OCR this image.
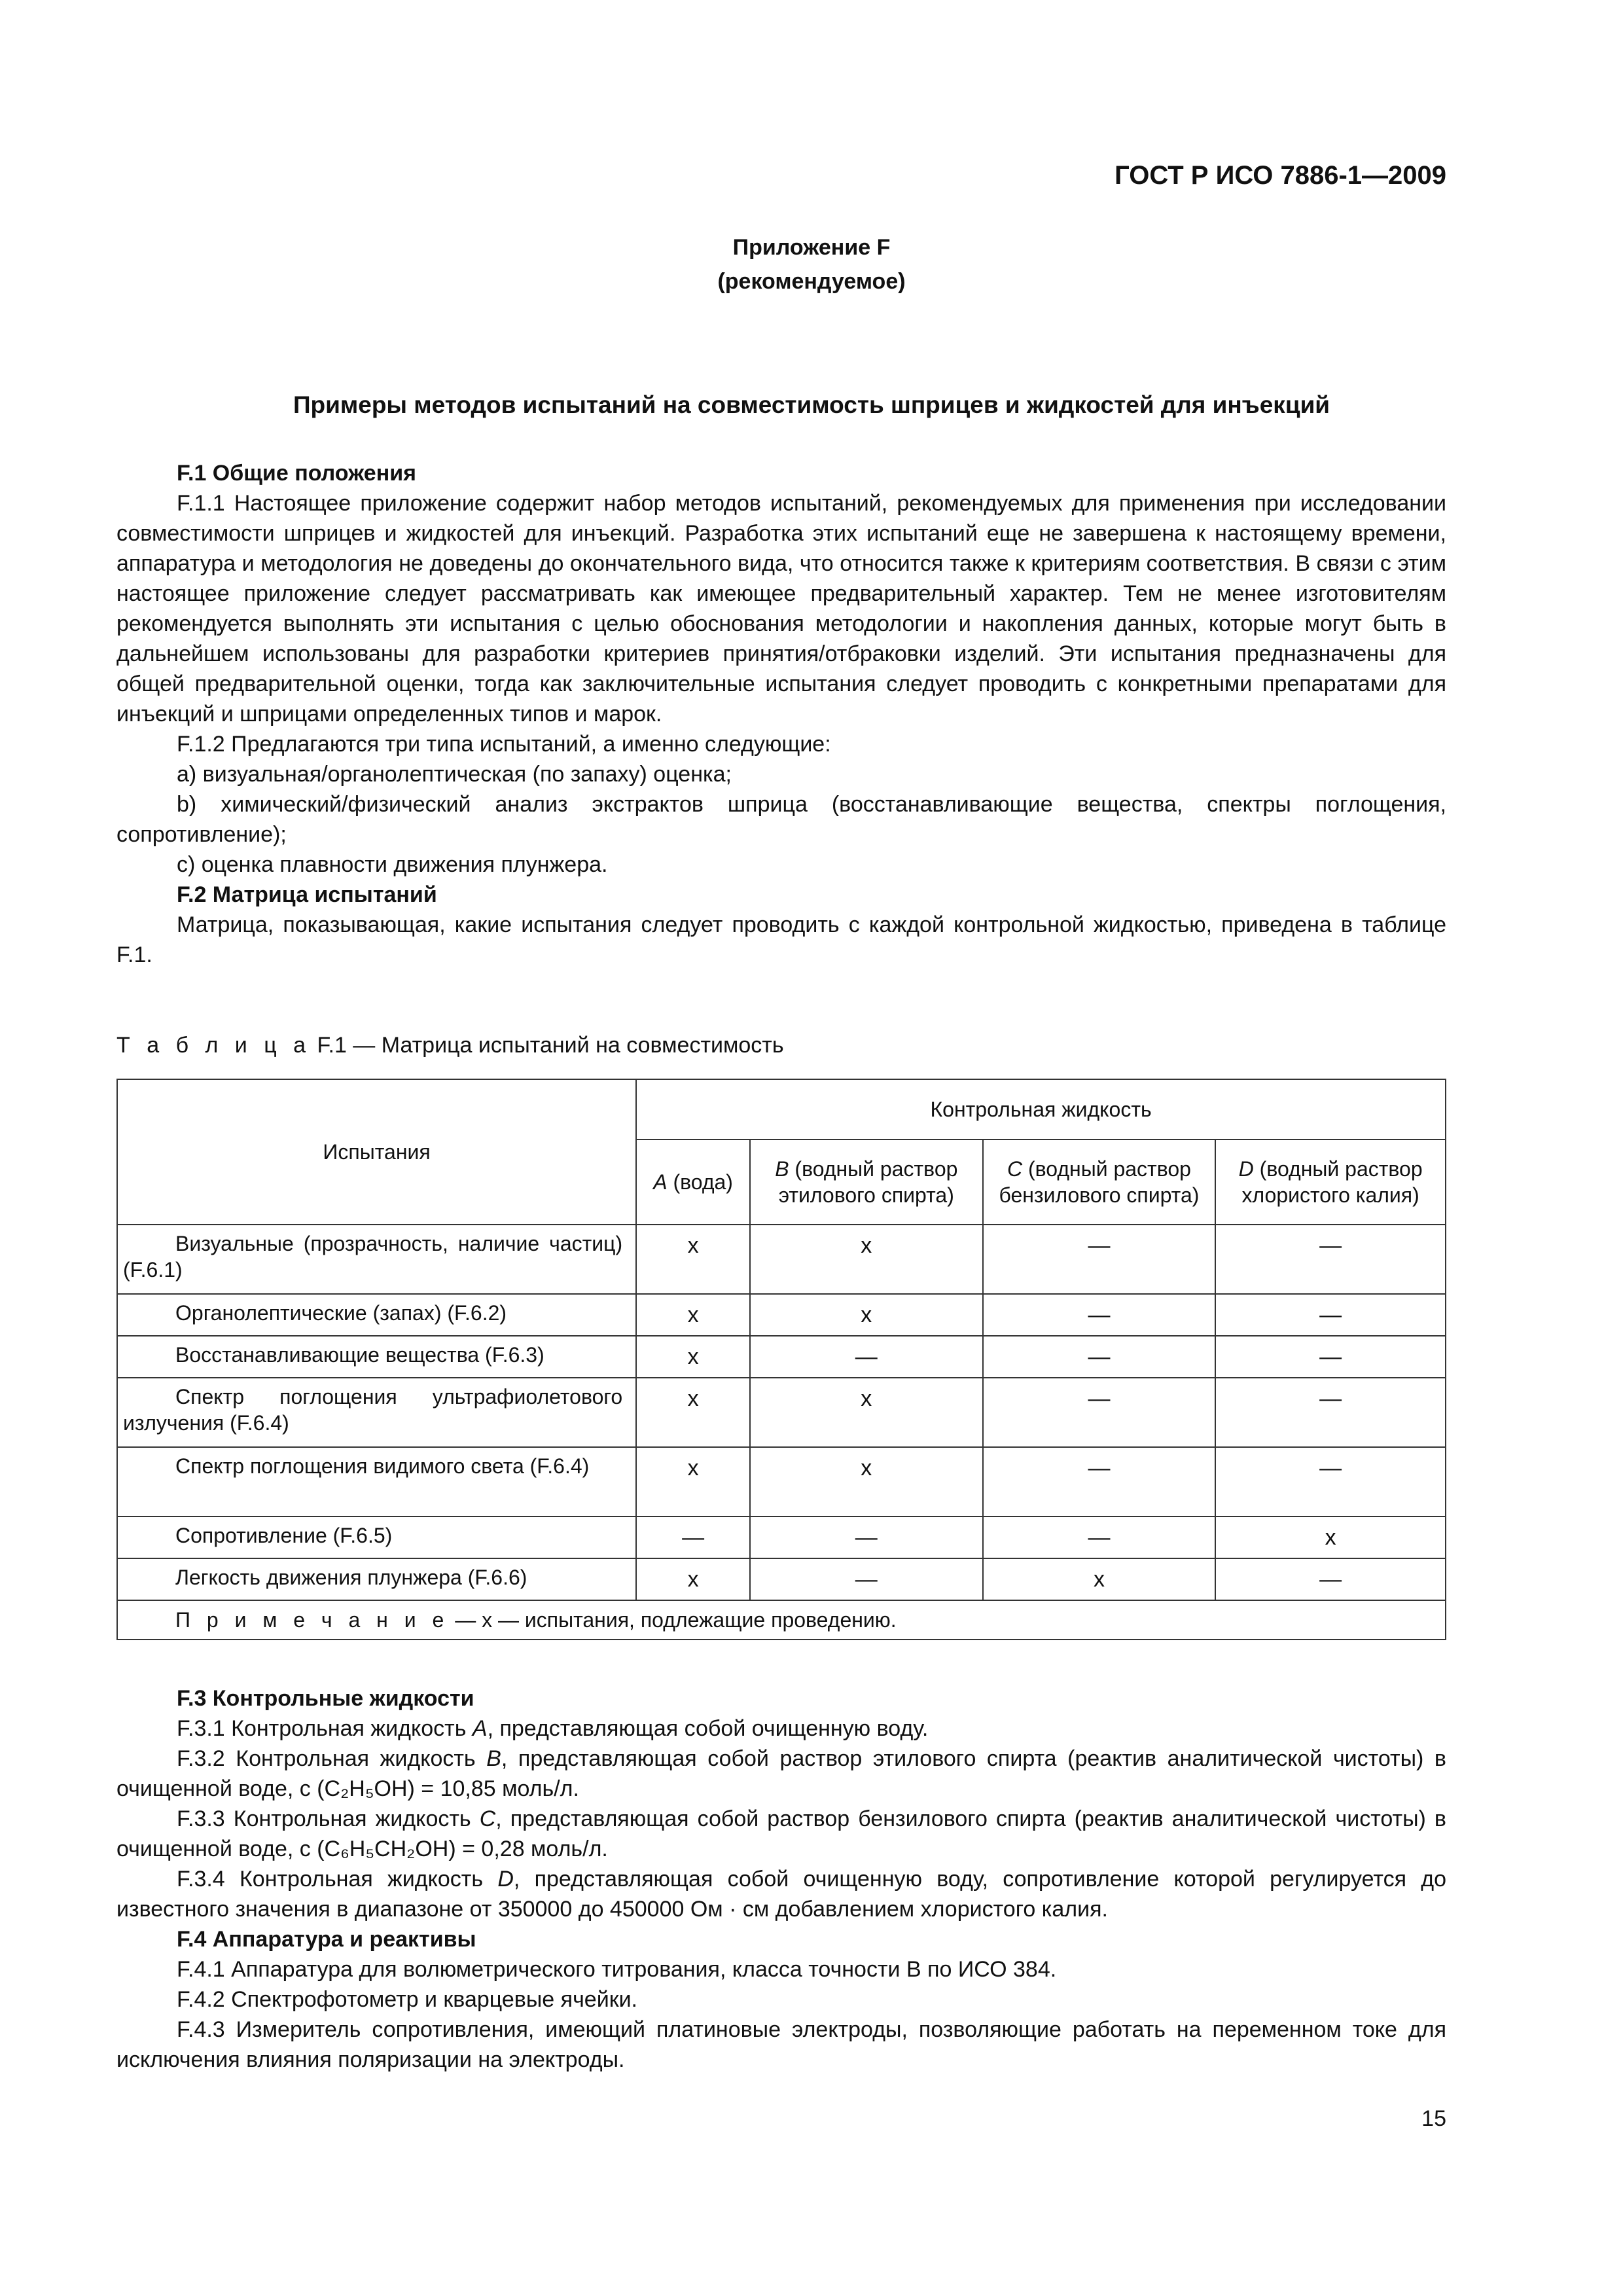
ГОСТ Р ИСО 7886-1—2009
Приложение F
(рекомендуемое)
Примеры методов испытаний на совместимость шприцев и жидкостей для инъекций

F.1 Общие положения

F.1.1 Настоящее приложение содержит набор методов испытаний, рекомендуемых для применения при исследовании совместимости шприцев и жидкостей для инъекций. Разработка этих испытаний еще не завершена к настоящему времени, аппаратура и методология не доведены до окончательного вида, что относится также к критериям соответствия. В связи с этим настоящее приложение следует рассматривать как имеющее предварительный характер. Тем не менее изготовителям рекомендуется выполнять эти испытания с целью обоснования методологии и накопления данных, которые могут быть в дальнейшем использованы для разработки критериев принятия/отбраковки изделий. Эти испытания предназначены для общей предварительной оценки, тогда как заключительные испытания следует проводить с конкретными препаратами для инъекций и шприцами определенных типов и марок.

F.1.2 Предлагаются три типа испытаний, а именно следующие:

a) визуальная/органолептическая (по запаху) оценка;

b) химический/физический анализ экстрактов шприца (восстанавливающие вещества, спектры поглощения, сопротивление);

c) оценка плавности движения плунжера.

F.2 Матрица испытаний

Матрица, показывающая, какие испытания следует проводить с каждой контрольной жидкостью, приведена в таблице F.1.

Т а б л и ц а F.1 — Матрица испытаний на совместимость
Испытания	Контрольная жидкость			
	A (вода)	B (водный раствор этилового спирта)	C (водный раствор бензилового спирта)	D (водный раствор хлористого калия)
Визуальные (прозрачность, наличие частиц) (F.6.1)	x	x	—	—
Органолептические (запах) (F.6.2)	x	x	—	—
Восстанавливающие вещества (F.6.3)	x	—	—	—
Спектр поглощения ультрафиолетового излучения (F.6.4)	x	x	—	—
Спектр поглощения видимого света (F.6.4)	x	x	—	—
Сопротивление (F.6.5)	—	—	—	x
Легкость движения плунжера (F.6.6)	x	—	x	—
П р и м е ч а н и е — x — испытания, подлежащие проведению.				

F.3 Контрольные жидкости

F.3.1 Контрольная жидкость A, представляющая собой очищенную воду.

F.3.2 Контрольная жидкость B, представляющая собой раствор этилового спирта (реактив аналитической чистоты) в очищенной воде, c (C₂H₅OH) = 10,85 моль/л.

F.3.3 Контрольная жидкость C, представляющая собой раствор бензилового спирта (реактив аналитической чистоты) в очищенной воде, c (C₆H₅CH₂OH) = 0,28 моль/л.

F.3.4 Контрольная жидкость D, представляющая собой очищенную воду, сопротивление которой регулируется до известного значения в диапазоне от 350000 до 450000 Ом · см добавлением хлористого калия.

F.4 Аппаратура и реактивы

F.4.1 Аппаратура для волюметрического титрования, класса точности B по ИСО 384.

F.4.2 Спектрофотометр и кварцевые ячейки.

F.4.3 Измеритель сопротивления, имеющий платиновые электроды, позволяющие работать на переменном токе для исключения влияния поляризации на электроды.

15
